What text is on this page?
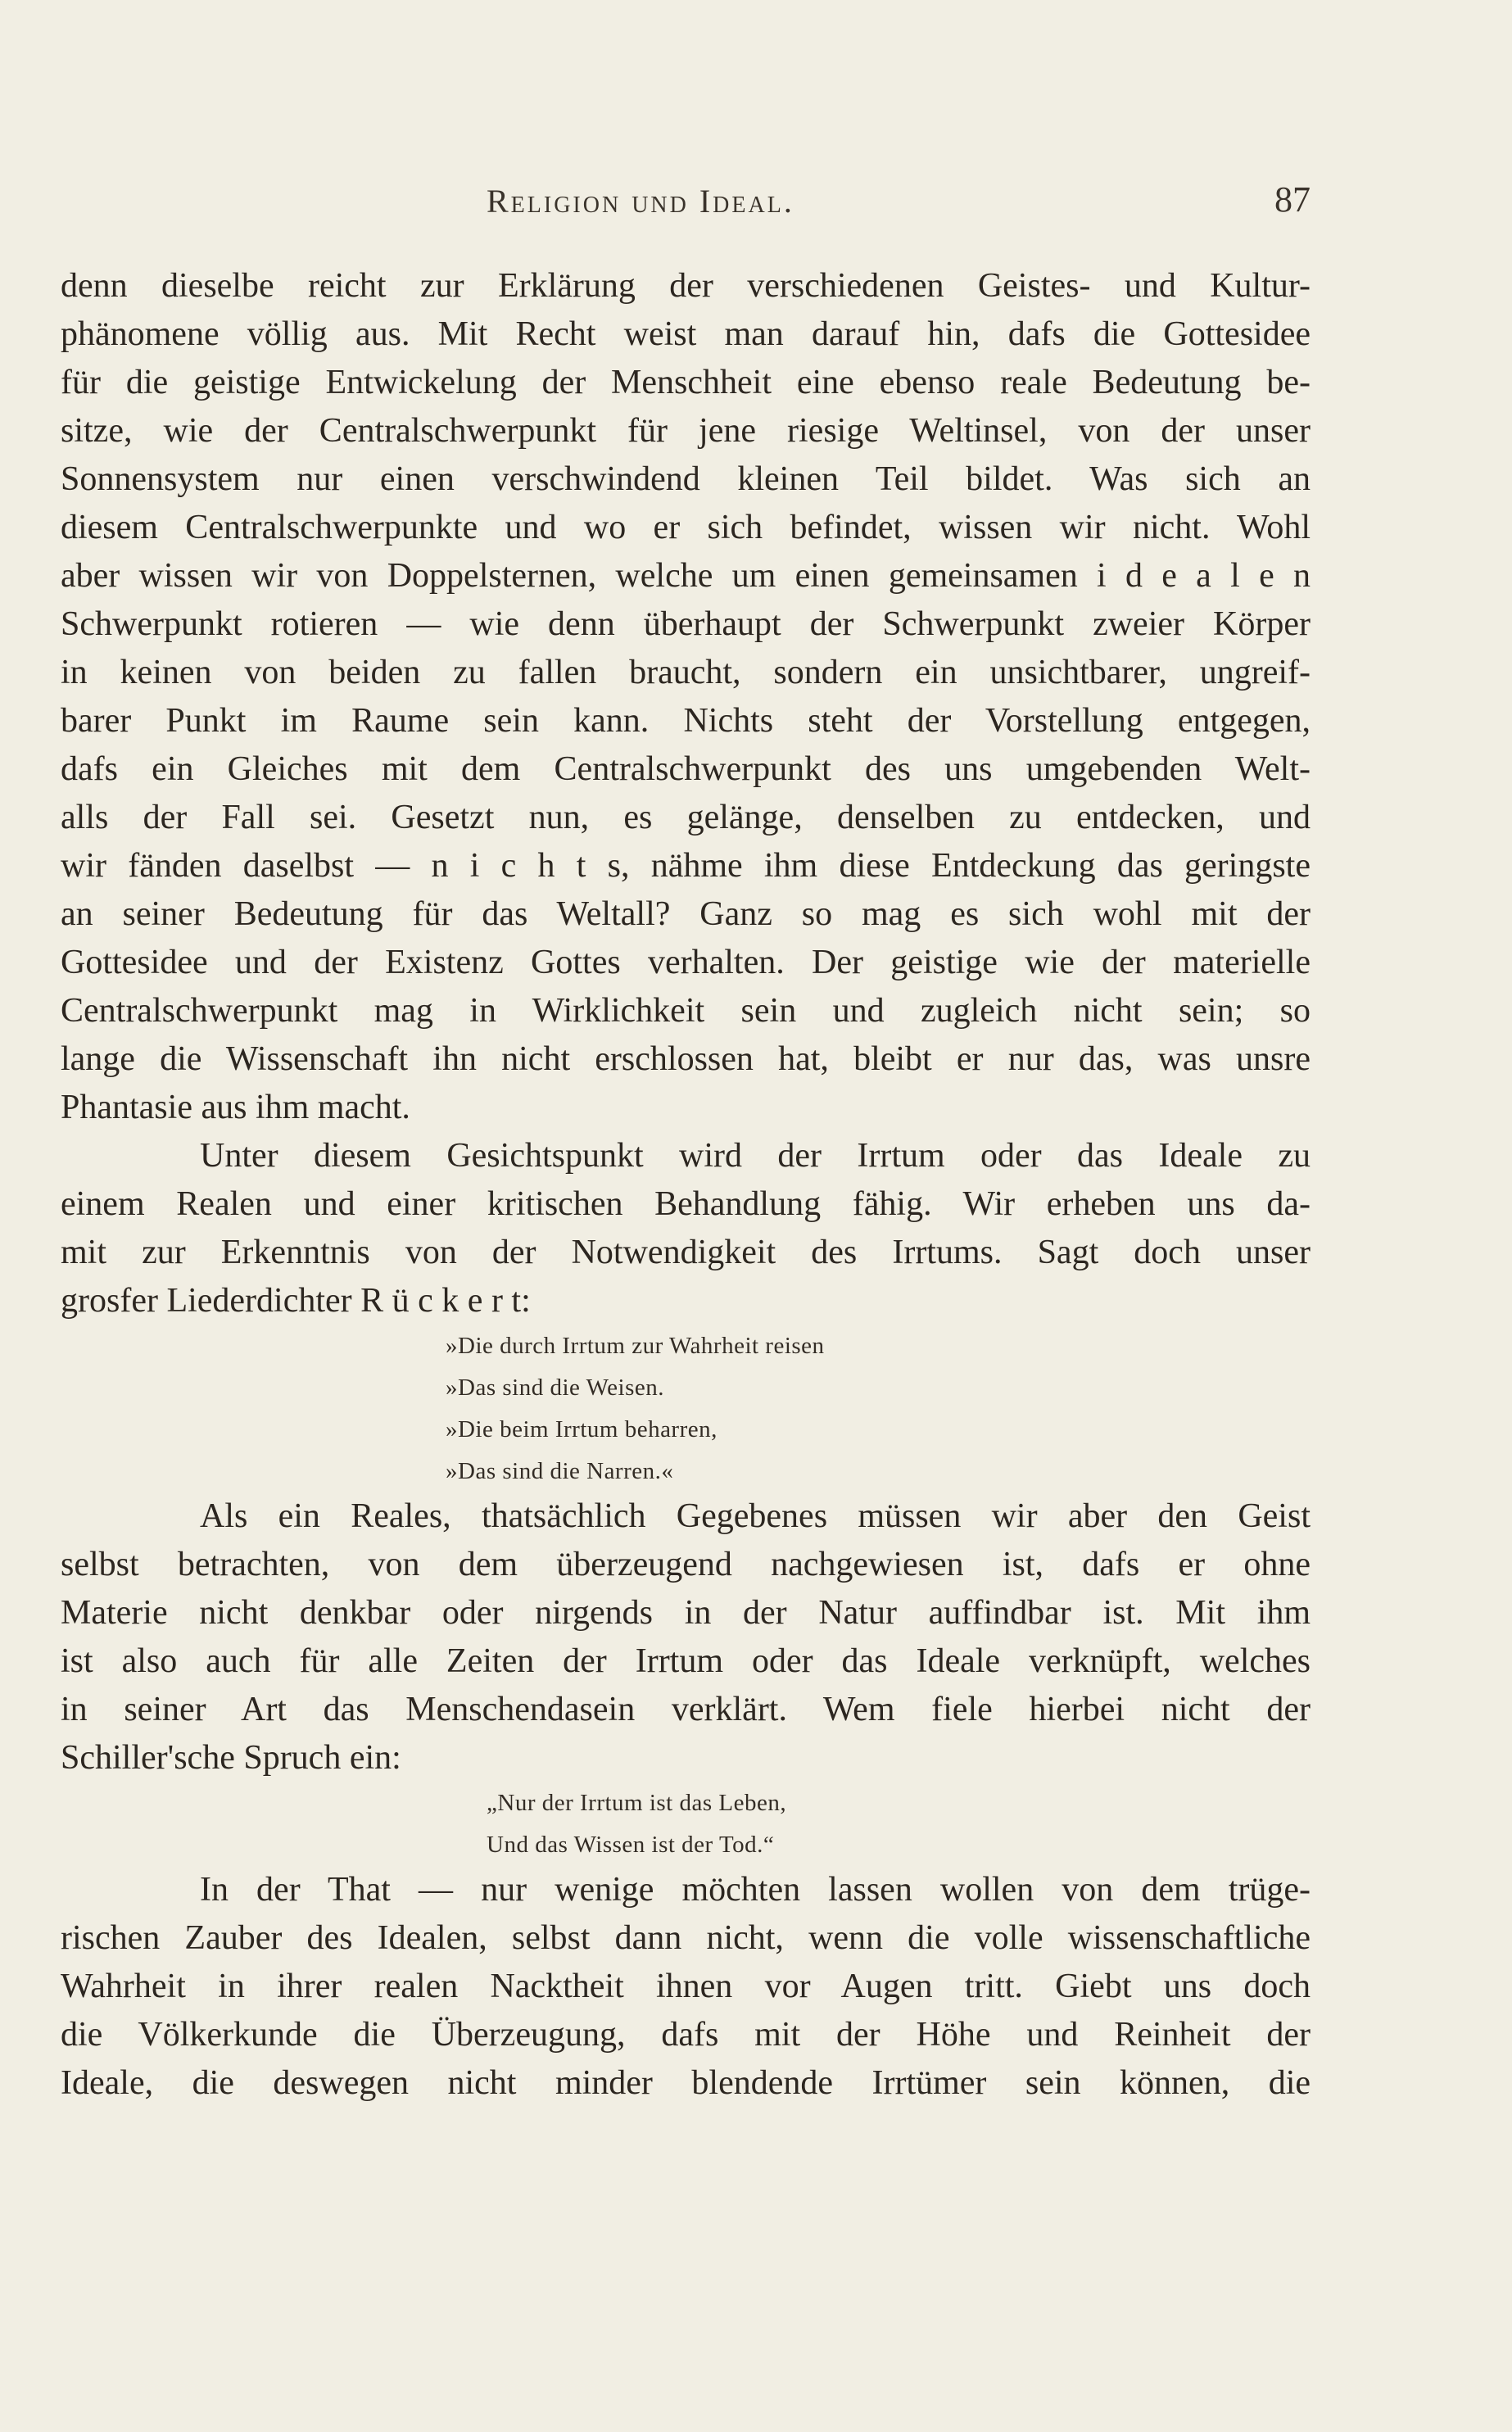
Religion und Ideal.	87
denn dieselbe reicht zur Erklärung der verschiedenen Geistes- und Kultur-
phänomene völlig aus. Mit Recht weist man darauf hin, dafs die Gottesidee
für die geistige Entwickelung der Menschheit eine ebenso reale Bedeutung be-
sitze, wie der Centralschwerpunkt für jene riesige Weltinsel, von der unser
Sonnensystem nur einen verschwindend kleinen Teil bildet. Was sich an
diesem Centralschwerpunkte und wo er sich befindet, wissen wir nicht. Wohl
aber wissen wir von Doppelsternen, welche um einen gemeinsamen i d e a l e n
Schwerpunkt rotieren — wie denn überhaupt der Schwerpunkt zweier Körper
in keinen von beiden zu fallen braucht, sondern ein unsichtbarer, ungreif-
barer Punkt im Raume sein kann. Nichts steht der Vorstellung entgegen,
dafs ein Gleiches mit dem Centralschwerpunkt des uns umgebenden Welt-
alls der Fall sei. Gesetzt nun, es gelänge, denselben zu entdecken, und
wir fänden daselbst — n i c h t s, nähme ihm diese Entdeckung das geringste
an seiner Bedeutung für das Weltall? Ganz so mag es sich wohl mit der
Gottesidee und der Existenz Gottes verhalten. Der geistige wie der materielle
Centralschwerpunkt mag in Wirklichkeit sein und zugleich nicht sein; so
lange die Wissenschaft ihn nicht erschlossen hat, bleibt er nur das, was unsre
Phantasie aus ihm macht.
Unter diesem Gesichtspunkt wird der Irrtum oder das Ideale zu
einem Realen und einer kritischen Behandlung fähig. Wir erheben uns da-
mit zur Erkenntnis von der Notwendigkeit des Irrtums. Sagt doch unser
grosfer Liederdichter R ü c k e r t:
»Die durch Irrtum zur Wahrheit reisen
»Das sind die Weisen.
»Die beim Irrtum beharren,
»Das sind die Narren.«
Als ein Reales, thatsächlich Gegebenes müssen wir aber den Geist
selbst betrachten, von dem überzeugend nachgewiesen ist, dafs er ohne
Materie nicht denkbar oder nirgends in der Natur auffindbar ist. Mit ihm
ist also auch für alle Zeiten der Irrtum oder das Ideale verknüpft, welches
in seiner Art das Menschendasein verklärt. Wem fiele hierbei nicht der
Schiller'sche Spruch ein:
„Nur der Irrtum ist das Leben,
Und das Wissen ist der Tod.“
In der That — nur wenige möchten lassen wollen von dem trüge-
rischen Zauber des Idealen, selbst dann nicht, wenn die volle wissenschaftliche
Wahrheit in ihrer realen Nacktheit ihnen vor Augen tritt. Giebt uns doch
die Völkerkunde die Überzeugung, dafs mit der Höhe und Reinheit der
Ideale, die deswegen nicht minder blendende Irrtümer sein können, die
